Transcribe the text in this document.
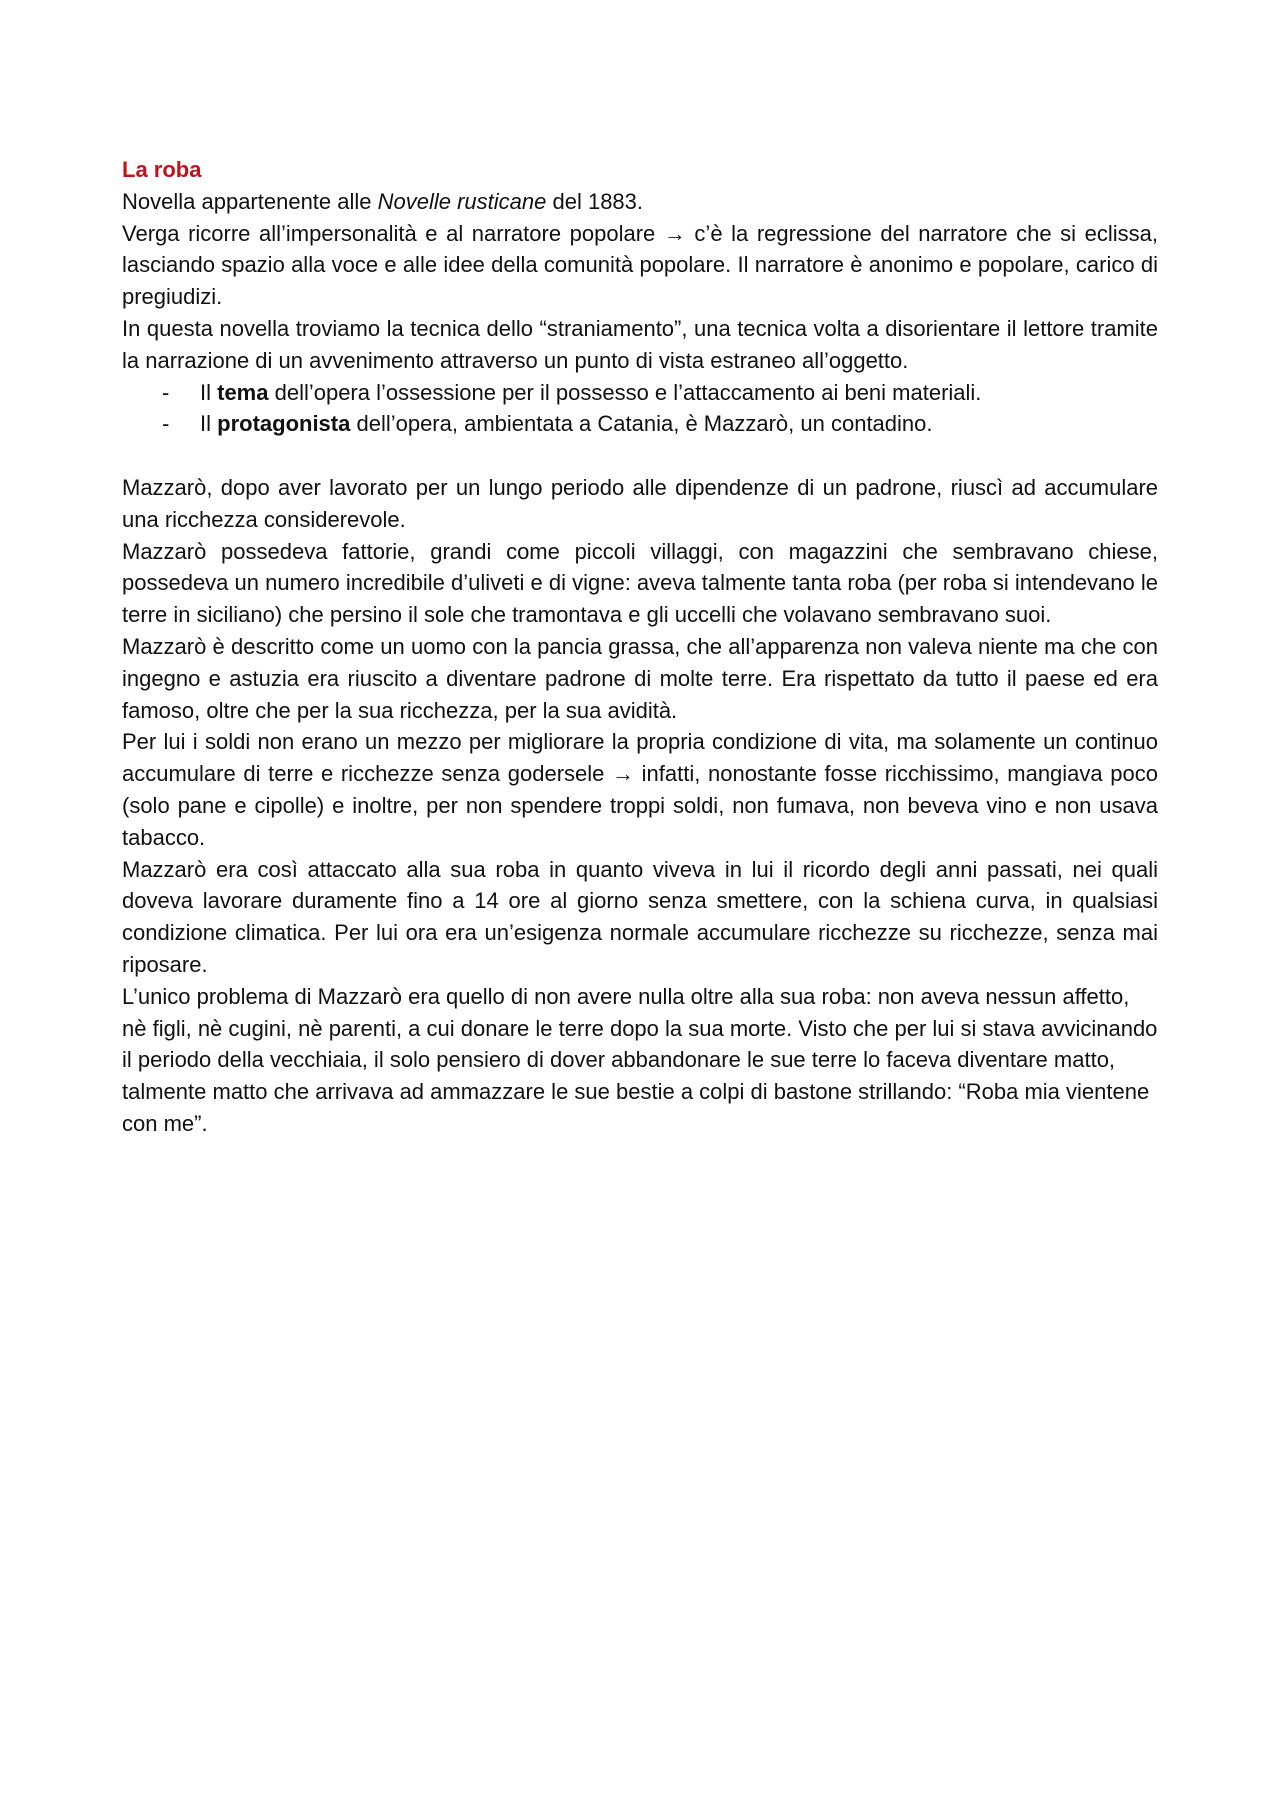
La roba

Novella appartenente alle Novelle rusticane del 1883.

Verga ricorre all’impersonalità e al narratore popolare → c’è la regressione del narratore che si eclissa, lasciando spazio alla voce e alle idee della comunità popolare. Il narratore è anonimo e popolare, carico di pregiudizi.

In questa novella troviamo la tecnica dello “straniamento”, una tecnica volta a disorientare il lettore tramite la narrazione di un avvenimento attraverso un punto di vista estraneo all’oggetto.

- Il tema dell’opera l’ossessione per il possesso e l’attaccamento ai beni materiali.
- Il protagonista dell’opera, ambientata a Catania, è Mazzarò, un contadino.

Mazzarò, dopo aver lavorato per un lungo periodo alle dipendenze di un padrone, riuscì ad accumulare una ricchezza considerevole.

Mazzarò possedeva fattorie, grandi come piccoli villaggi, con magazzini che sembravano chiese, possedeva un numero incredibile d’uliveti e di vigne: aveva talmente tanta roba (per roba si intendevano le terre in siciliano) che persino il sole che tramontava e gli uccelli che volavano sembravano suoi.

Mazzarò è descritto come un uomo con la pancia grassa, che all’apparenza non valeva niente ma che con ingegno e astuzia era riuscito a diventare padrone di molte terre. Era rispettato da tutto il paese ed era famoso, oltre che per la sua ricchezza, per la sua avidità.

Per lui i soldi non erano un mezzo per migliorare la propria condizione di vita, ma solamente un continuo accumulare di terre e ricchezze senza godersele → infatti, nonostante fosse ricchissimo, mangiava poco (solo pane e cipolle) e inoltre, per non spendere troppi soldi, non fumava, non beveva vino e non usava tabacco.

Mazzarò era così attaccato alla sua roba in quanto viveva in lui il ricordo degli anni passati, nei quali doveva lavorare duramente fino a 14 ore al giorno senza smettere, con la schiena curva, in qualsiasi condizione climatica. Per lui ora era un’esigenza normale accumulare ricchezze su ricchezze, senza mai riposare.

L’unico problema di Mazzarò era quello di non avere nulla oltre alla sua roba: non aveva nessun affetto, nè figli, nè cugini, nè parenti, a cui donare le terre dopo la sua morte. Visto che per lui si stava avvicinando il periodo della vecchiaia, il solo pensiero di dover abbandonare le sue terre lo faceva diventare matto, talmente matto che arrivava ad ammazzare le sue bestie a colpi di bastone strillando: “Roba mia vientene con me”.
